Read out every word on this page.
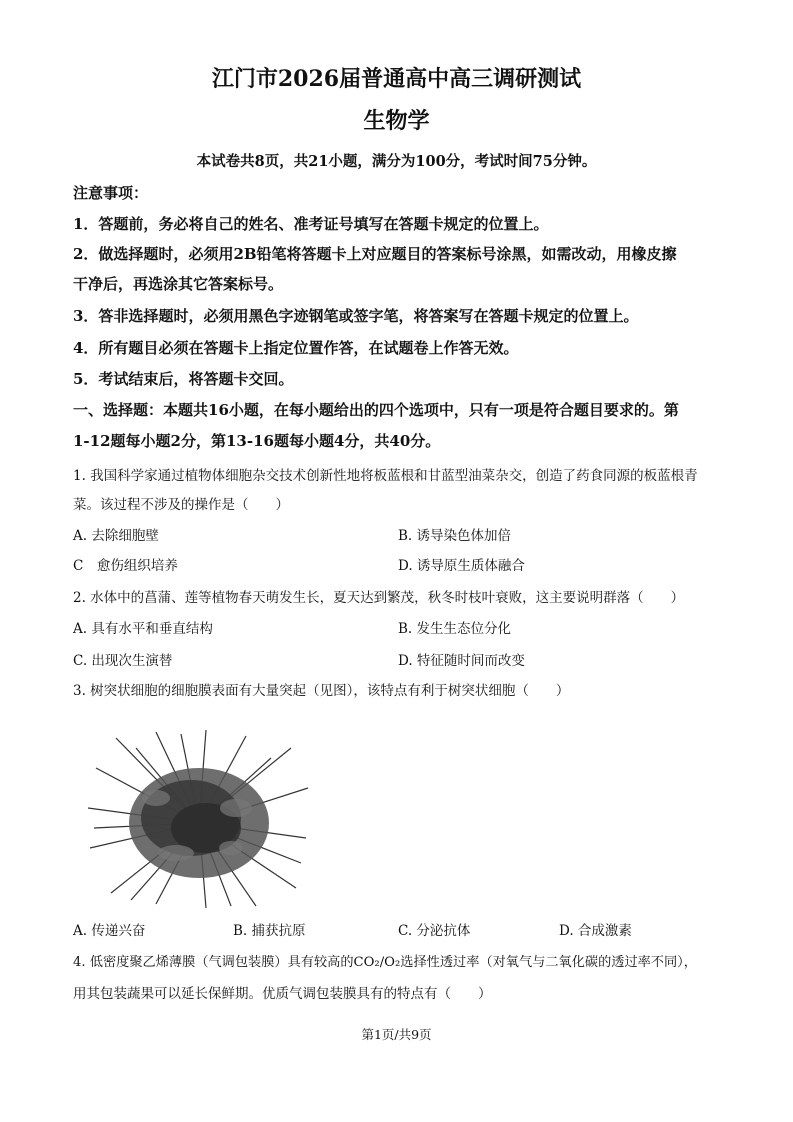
江门市2026届普通高中高三调研测试
生物学
本试卷共8页，共21小题，满分为100分，考试时间75分钟。
注意事项：
1．答题前，务必将自己的姓名、准考证号填写在答题卡规定的位置上。
2．做选择题时，必须用2B铅笔将答题卡上对应题目的答案标号涂黑，如需改动，用橡皮擦
干净后，再选涂其它答案标号。
3．答非选择题时，必须用黑色字迹钢笔或签字笔，将答案写在答题卡规定的位置上。
4．所有题目必须在答题卡上指定位置作答，在试题卷上作答无效。
5．考试结束后，将答题卡交回。
一、选择题：本题共16小题，在每小题给出的四个选项中，只有一项是符合题目要求的。第
1-12题每小题2分，第13-16题每小题4分，共40分。
1. 我国科学家通过植物体细胞杂交技术创新性地将板蓝根和甘蓝型油菜杂交，创造了药食同源的板蓝根青
菜。该过程不涉及的操作是（　　）
A. 去除细胞壁	B. 诱导染色体加倍
C　愈伤组织培养	D. 诱导原生质体融合
2. 水体中的菖蒲、莲等植物春天萌发生长，夏天达到繁茂，秋冬时枝叶衰败，这主要说明群落（　　）
A. 具有水平和垂直结构	B. 发生生态位分化
C. 出现次生演替	D. 特征随时间而改变
3. 树突状细胞的细胞膜表面有大量突起（见图），该特点有利于树突状细胞（　　）
A. 传递兴奋	B. 捕获抗原	C. 分泌抗体	D. 合成激素
4. 低密度聚乙烯薄膜（气调包装膜）具有较高的CO₂/O₂选择性透过率（对氧气与二氧化碳的透过率不同），
用其包装蔬果可以延长保鲜期。优质气调包装膜具有的特点有（　　）
第1页/共9页
